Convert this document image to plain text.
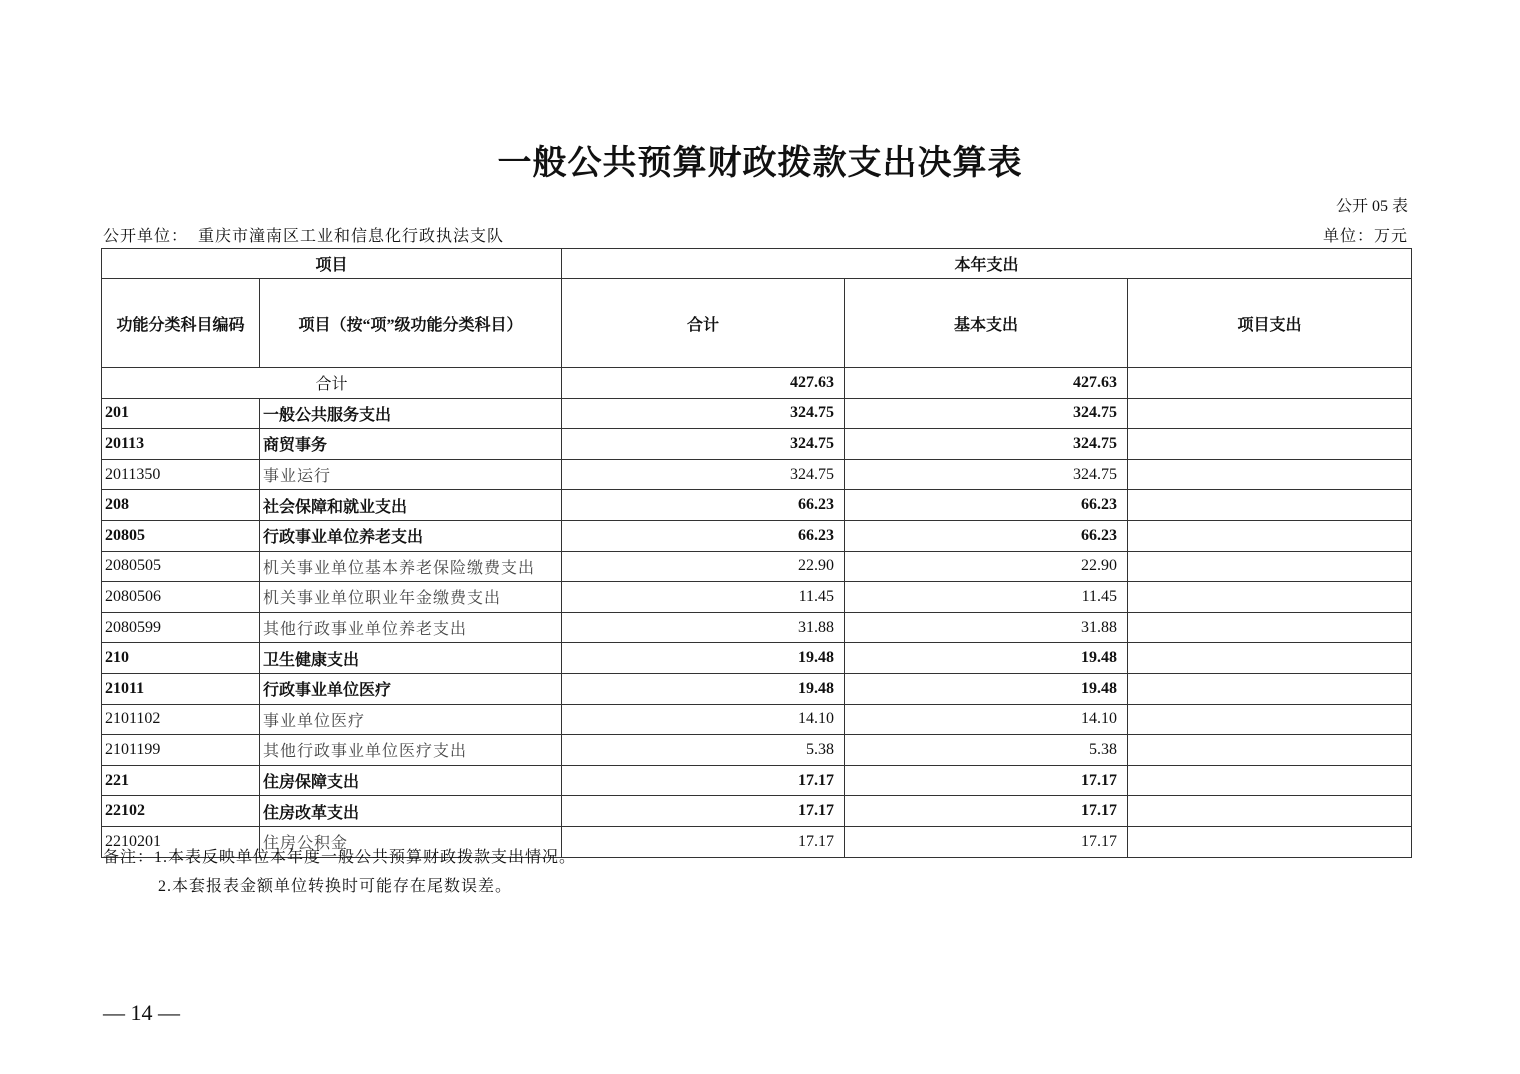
一般公共预算财政拨款支出决算表
公开 05 表
公开单位： 重庆市潼南区工业和信息化行政执法支队	单位：万元
项目		本年支出		
功能分类科目编码	项目（按“项”级功能分类科目）	合计	基本支出	项目支出
合计		427.63	427.63	
201	一般公共服务支出	324.75	324.75	
20113	商贸事务	324.75	324.75	
2011350	事业运行	324.75	324.75	
208	社会保障和就业支出	66.23	66.23	
20805	行政事业单位养老支出	66.23	66.23	
2080505	机关事业单位基本养老保险缴费支出	22.90	22.90	
2080506	机关事业单位职业年金缴费支出	11.45	11.45	
2080599	其他行政事业单位养老支出	31.88	31.88	
210	卫生健康支出	19.48	19.48	
21011	行政事业单位医疗	19.48	19.48	
2101102	事业单位医疗	14.10	14.10	
2101199	其他行政事业单位医疗支出	5.38	5.38	
221	住房保障支出	17.17	17.17	
22102	住房改革支出	17.17	17.17	
2210201	住房公积金	17.17	17.17	
备注：1.本表反映单位本年度一般公共预算财政拨款支出情况。
2.本套报表金额单位转换时可能存在尾数误差。
— 14 —
